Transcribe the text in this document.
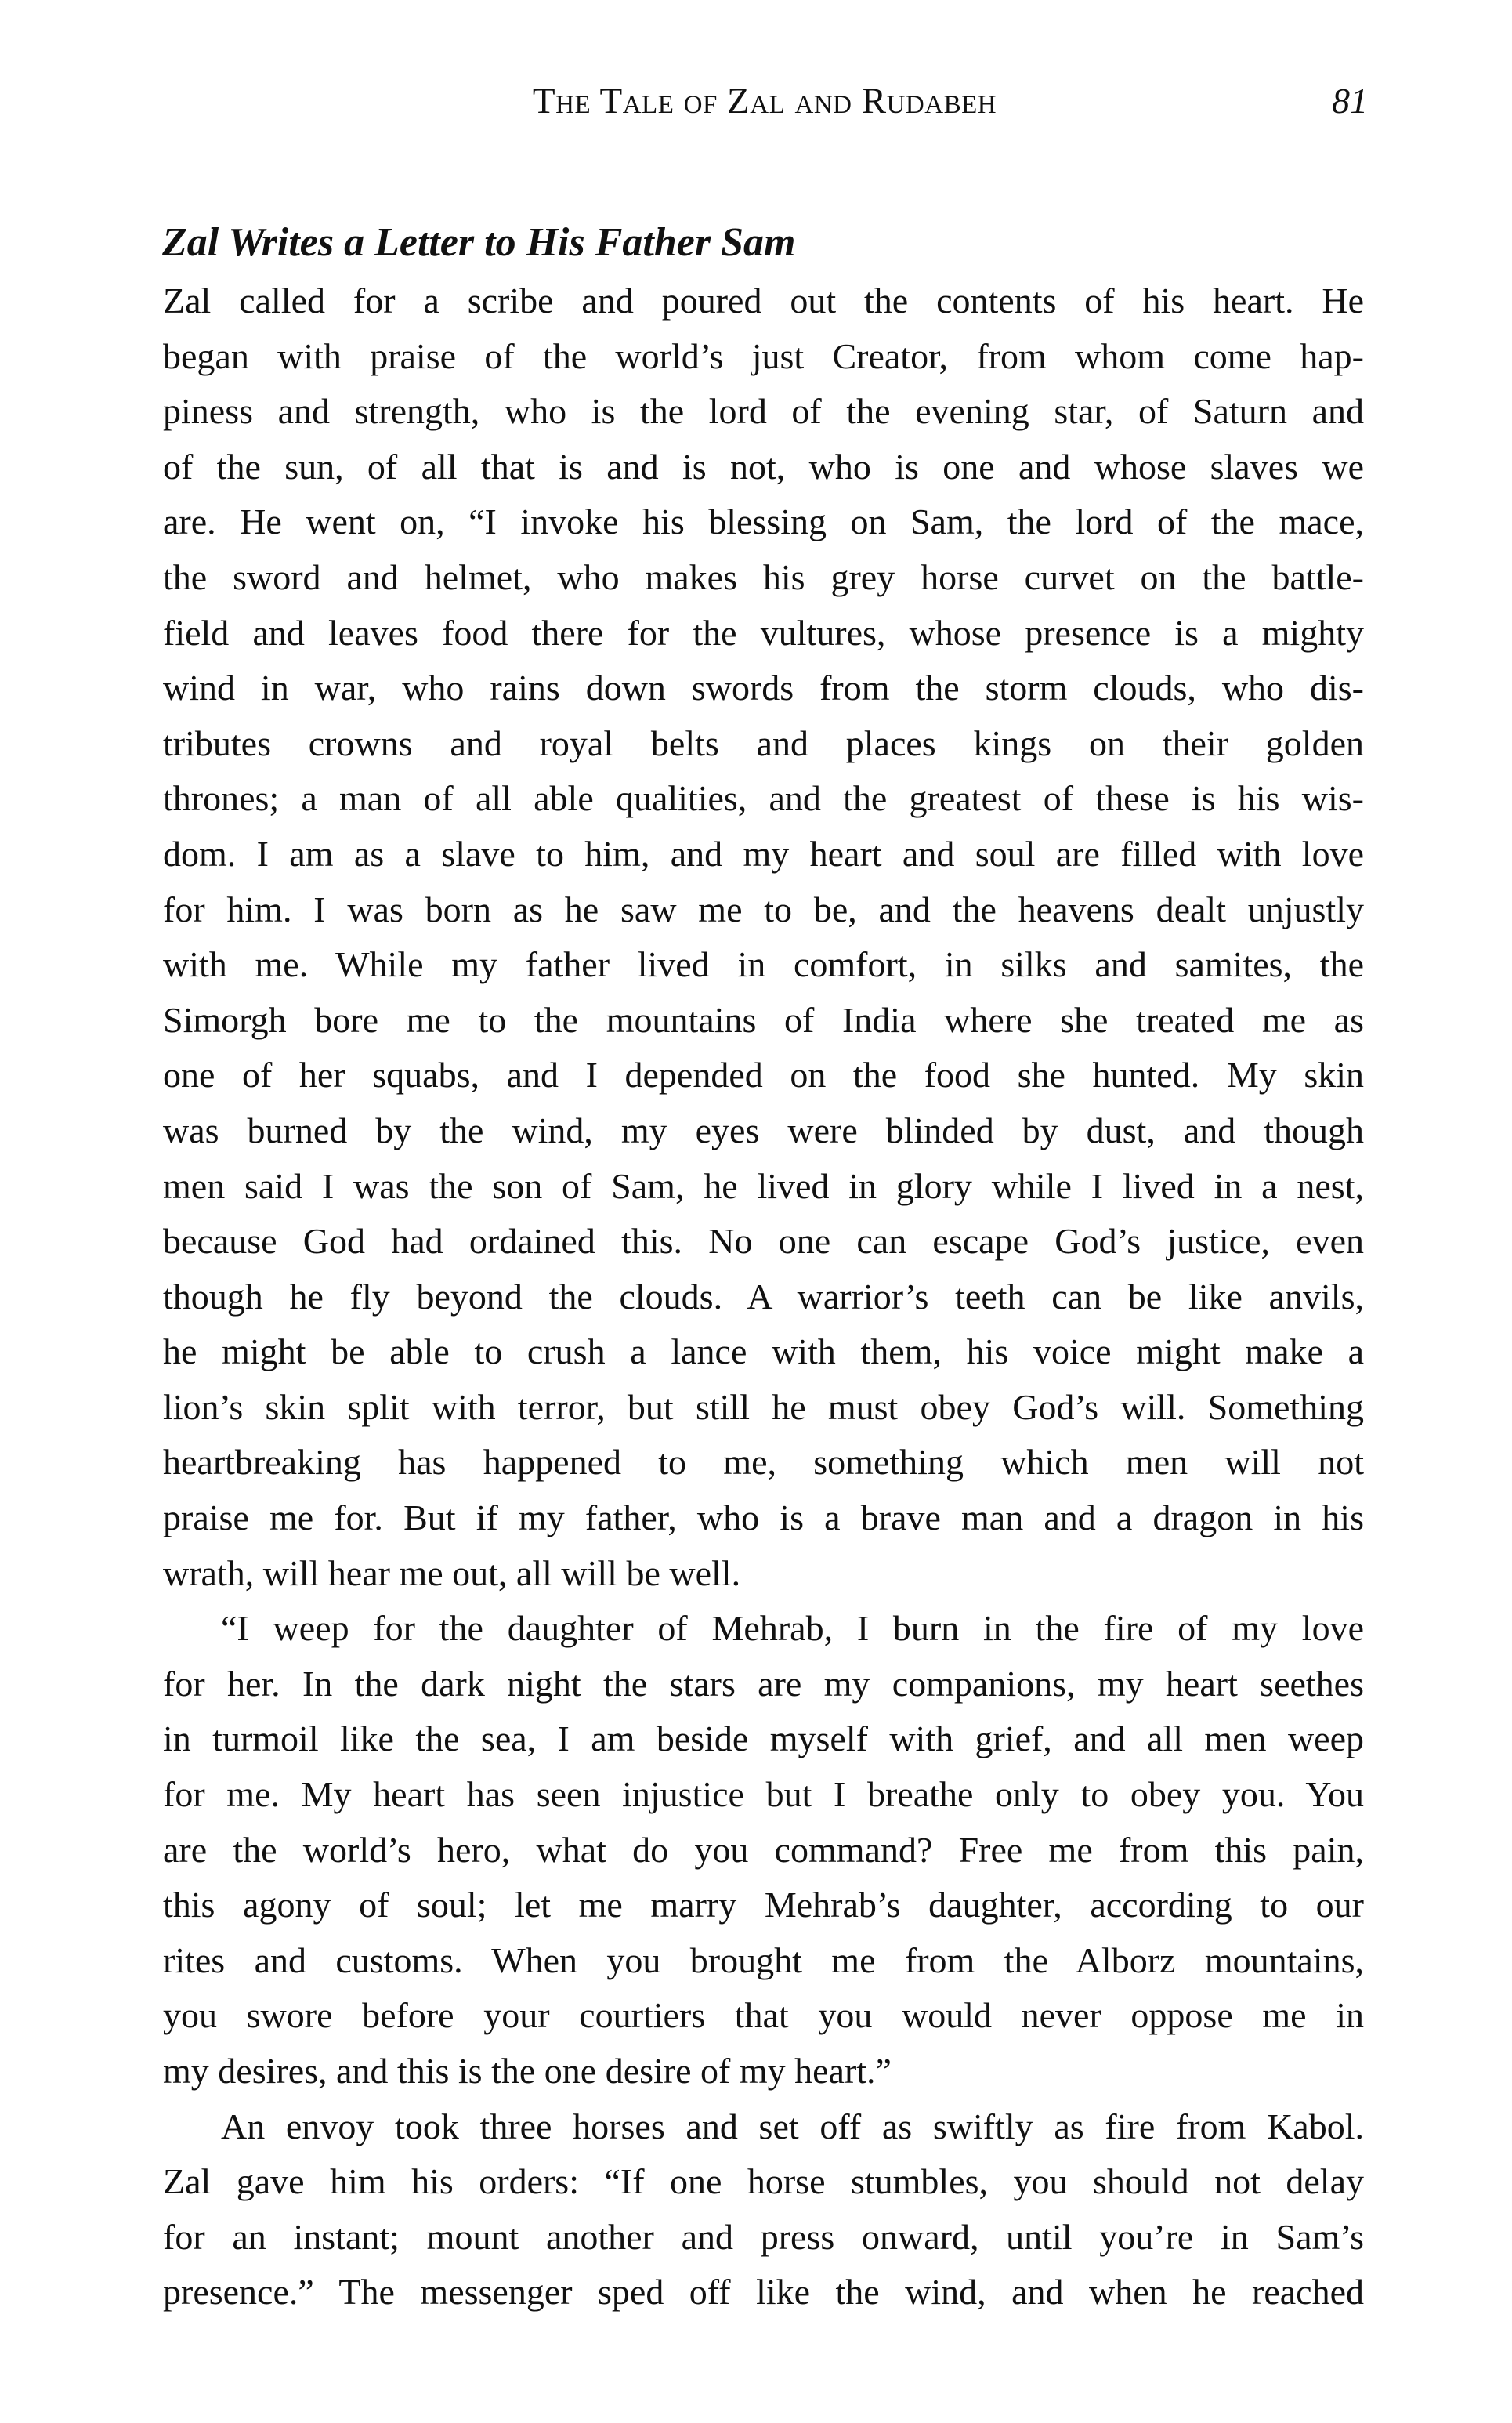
The Tale of Zal and Rudabeh	81
Zal Writes a Letter to His Father Sam
Zal called for a scribe and poured out the contents of his heart. He
began with praise of the world’s just Creator, from whom come hap-
piness and strength, who is the lord of the evening star, of Saturn and
of the sun, of all that is and is not, who is one and whose slaves we
are. He went on, “I invoke his blessing on Sam, the lord of the mace,
the sword and helmet, who makes his grey horse curvet on the battle-
field and leaves food there for the vultures, whose presence is a mighty
wind in war, who rains down swords from the storm clouds, who dis-
tributes crowns and royal belts and places kings on their golden
thrones; a man of all able qualities, and the greatest of these is his wis-
dom. I am as a slave to him, and my heart and soul are filled with love
for him. I was born as he saw me to be, and the heavens dealt unjustly
with me. While my father lived in comfort, in silks and samites, the
Simorgh bore me to the mountains of India where she treated me as
one of her squabs, and I depended on the food she hunted. My skin
was burned by the wind, my eyes were blinded by dust, and though
men said I was the son of Sam, he lived in glory while I lived in a nest,
because God had ordained this. No one can escape God’s justice, even
though he fly beyond the clouds. A warrior’s teeth can be like anvils,
he might be able to crush a lance with them, his voice might make a
lion’s skin split with terror, but still he must obey God’s will. Something
heartbreaking has happened to me, something which men will not
praise me for. But if my father, who is a brave man and a dragon in his
wrath, will hear me out, all will be well.
“I weep for the daughter of Mehrab, I burn in the fire of my love
for her. In the dark night the stars are my companions, my heart seethes
in turmoil like the sea, I am beside myself with grief, and all men weep
for me. My heart has seen injustice but I breathe only to obey you. You
are the world’s hero, what do you command? Free me from this pain,
this agony of soul; let me marry Mehrab’s daughter, according to our
rites and customs. When you brought me from the Alborz mountains,
you swore before your courtiers that you would never oppose me in
my desires, and this is the one desire of my heart.”
An envoy took three horses and set off as swiftly as fire from Kabol.
Zal gave him his orders: “If one horse stumbles, you should not delay
for an instant; mount another and press onward, until you’re in Sam’s
presence.” The messenger sped off like the wind, and when he reached
